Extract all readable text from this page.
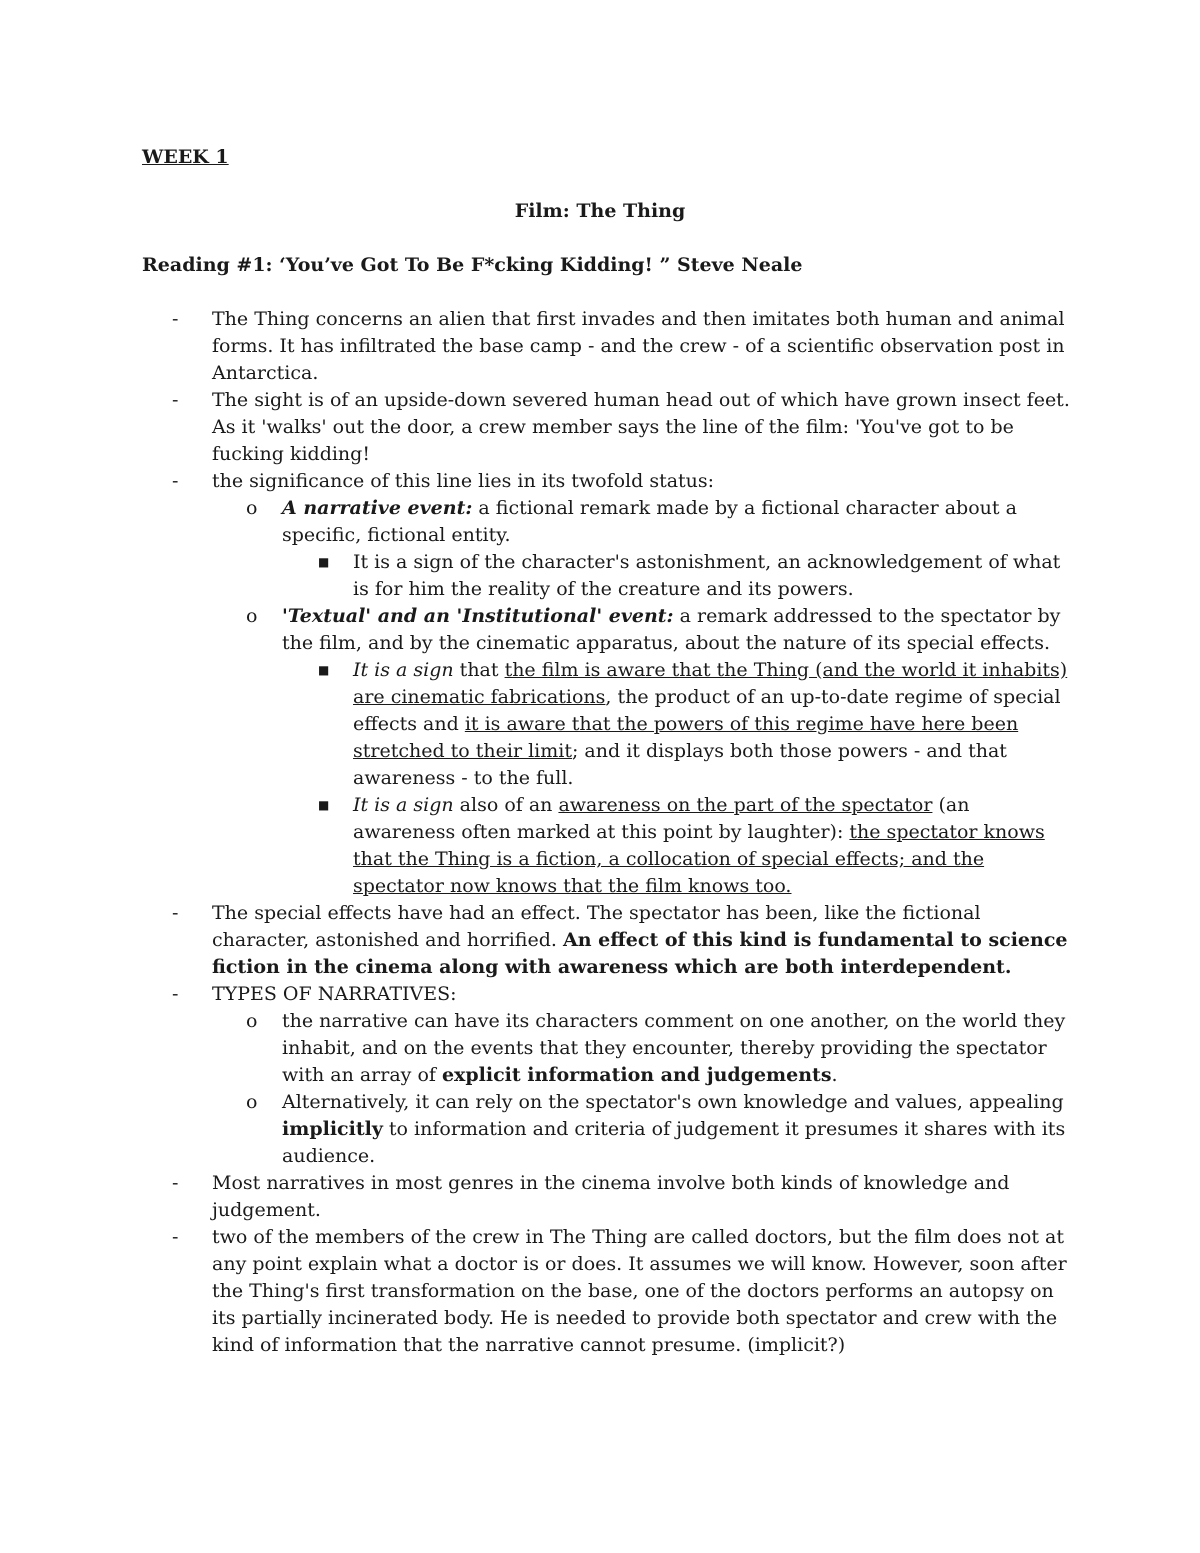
WEEK 1
Film: The Thing
Reading #1: ‘You’ve Got To Be F*cking Kidding! ” Steve Neale
- The Thing concerns an alien that first invades and then imitates both human and animal forms. It has infiltrated the base camp - and the crew - of a scientific observation post in Antarctica.
- The sight is of an upside-down severed human head out of which have grown insect feet. As it 'walks' out the door, a crew member says the line of the film: 'You've got to be fucking kidding!
- the significance of this line lies in its twofold status:
o A narrative event: a fictional remark made by a fictional character about a specific, fictional entity.
■ It is a sign of the character's astonishment, an acknowledgement of what is for him the reality of the creature and its powers.
o 'Textual' and an 'Institutional' event: a remark addressed to the spectator by the film, and by the cinematic apparatus, about the nature of its special effects.
■ It is a sign that the film is aware that the Thing (and the world it inhabits) are cinematic fabrications, the product of an up-to-date regime of special effects and it is aware that the powers of this regime have here been stretched to their limit; and it displays both those powers - and that awareness - to the full.
■ It is a sign also of an awareness on the part of the spectator (an awareness often marked at this point by laughter): the spectator knows that the Thing is a fiction, a collocation of special effects; and the spectator now knows that the film knows too.
- The special effects have had an effect. The spectator has been, like the fictional character, astonished and horrified. An effect of this kind is fundamental to science fiction in the cinema along with awareness which are both interdependent.
- TYPES OF NARRATIVES:
o the narrative can have its characters comment on one another, on the world they inhabit, and on the events that they encounter, thereby providing the spectator with an array of explicit information and judgements.
o Alternatively, it can rely on the spectator's own knowledge and values, appealing implicitly to information and criteria of judgement it presumes it shares with its audience.
- Most narratives in most genres in the cinema involve both kinds of knowledge and judgement.
- two of the members of the crew in The Thing are called doctors, but the film does not at any point explain what a doctor is or does. It assumes we will know. However, soon after the Thing's first transformation on the base, one of the doctors performs an autopsy on its partially incinerated body. He is needed to provide both spectator and crew with the kind of information that the narrative cannot presume. (implicit?)
